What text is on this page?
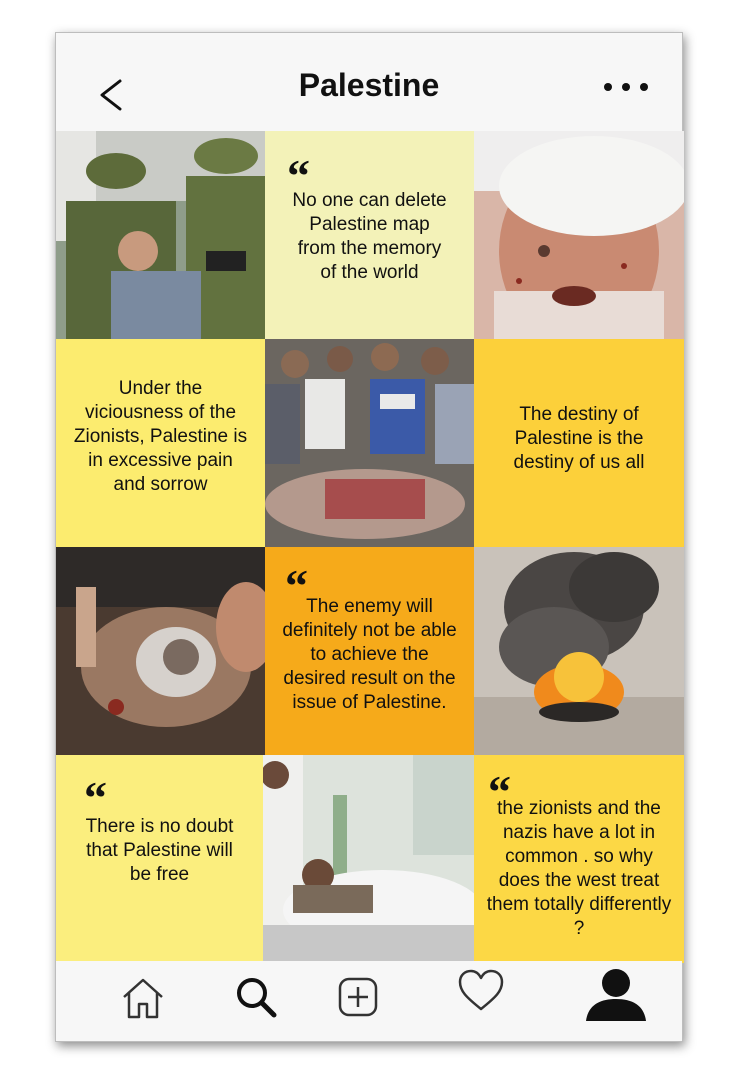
Palestine
“
No one can delete Palestine map from the memory of the world
Under the viciousness of the Zionists, Palestine is in excessive pain and sorrow
The destiny of Palestine is the destiny of us all
“
The enemy will definitely not be able to achieve the desired result on the issue of Palestine.
“
There is no doubt that Palestine will be free
“
the zionists and the nazis have a lot in common . so why does the west treat them totally differently ?
